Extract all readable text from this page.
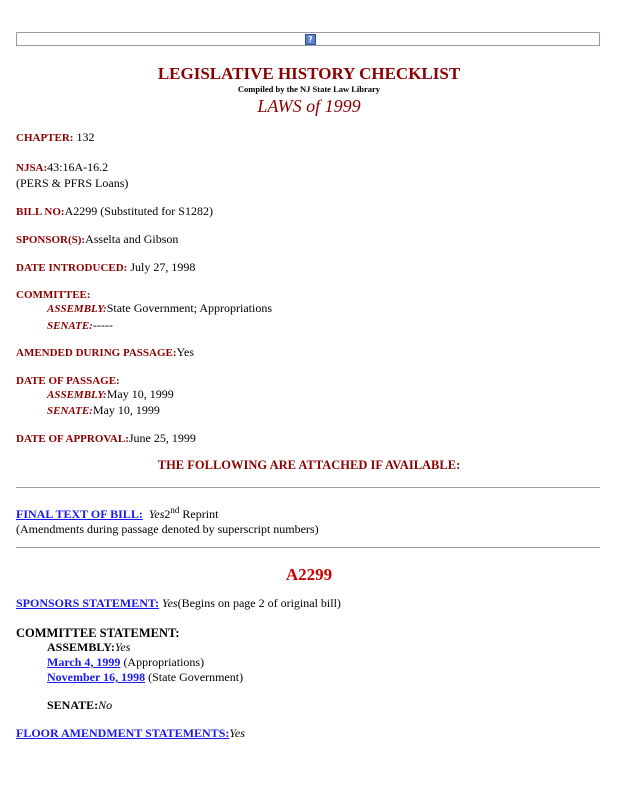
?
LEGISLATIVE HISTORY CHECKLIST
Compiled by the NJ State Law Library
LAWS of 1999
CHAPTER: 132
NJSA:43:16A-16.2
(PERS & PFRS Loans)
BILL NO:A2299 (Substituted for S1282)
SPONSOR(S):Asselta and Gibson
DATE INTRODUCED: July 27, 1998
COMMITTEE:
ASSEMBLY:State Government; Appropriations
SENATE:-----
AMENDED DURING PASSAGE:Yes
DATE OF PASSAGE:
ASSEMBLY:May 10, 1999
SENATE:May 10, 1999
DATE OF APPROVAL:June 25, 1999
THE FOLLOWING ARE ATTACHED IF AVAILABLE:
FINAL TEXT OF BILL: Yes2nd Reprint
(Amendments during passage denoted by superscript numbers)
A2299
SPONSORS STATEMENT: Yes(Begins on page 2 of original bill)
COMMITTEE STATEMENT:
ASSEMBLY:Yes
March 4, 1999 (Appropriations)
November 16, 1998 (State Government)
SENATE:No
FLOOR AMENDMENT STATEMENTS:Yes
